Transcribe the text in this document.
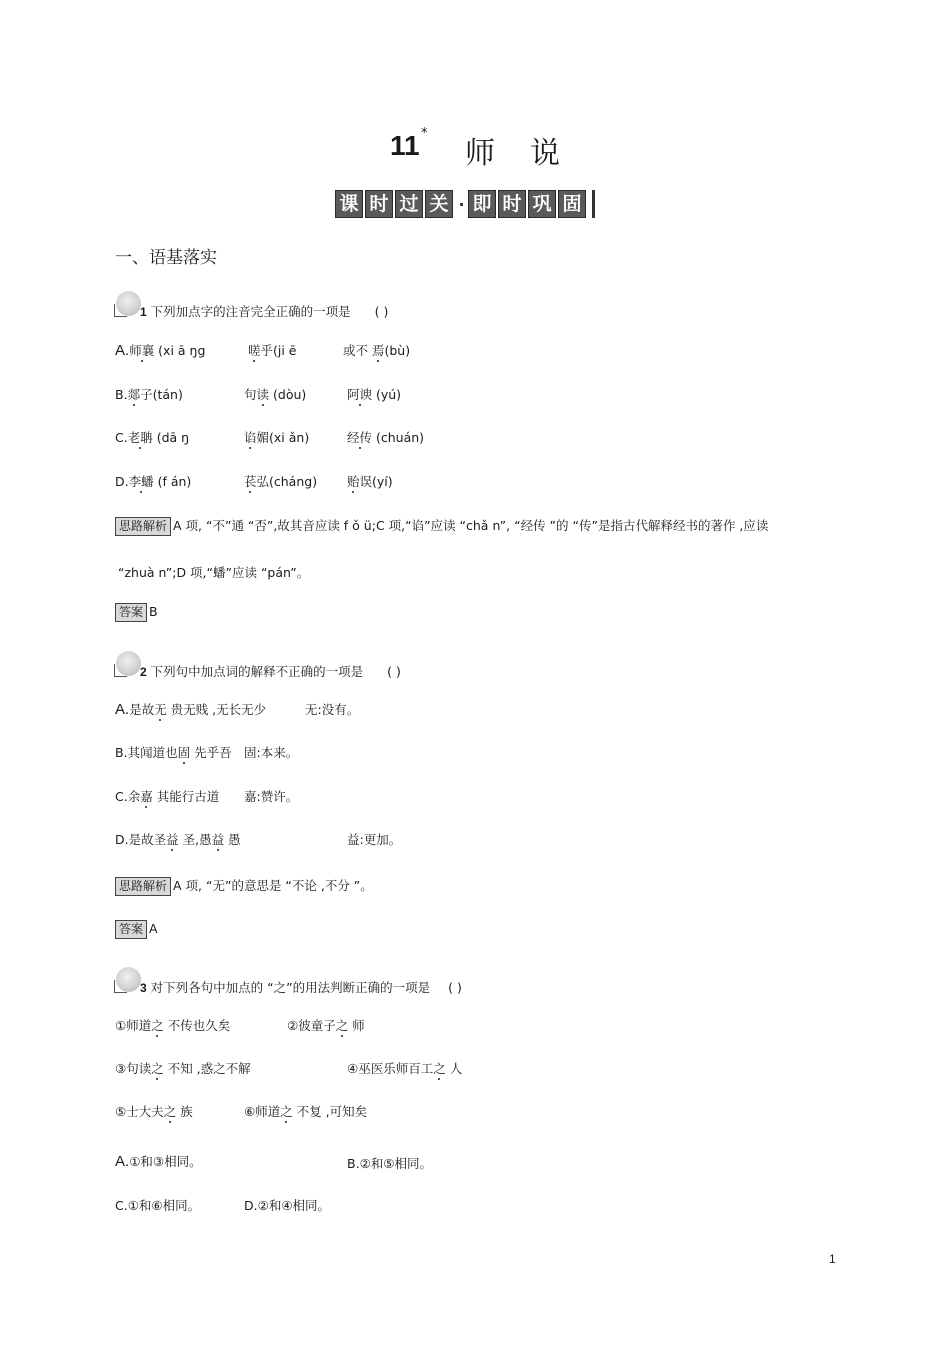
11 *
师 说
课 时 过 关 · 即 时 巩 固
一、语基落实
1 下列加点字的注音完全正确的一项是 ( )
A.师襄 (xi ā ŋg	嗟乎(ji ē	或不 焉(bù)
B.郯子(tán)	句读 (dòu)	阿谀 (yú)
C.老聃 (dā ŋ	谄媚(xi ǎn)	经传 (chuán)
D.李蟠 (f án)	苌弘(cháng) 贻误(yí)
思路解析 A 项, “不”通 “否”,故其音应读 f ǒ ü;C 项,“谄”应读 “chǎ n”, “经传 ”的 “传”是指古代解释经书的著作 ,应读
“zhuà n”;D 项,“蟠”应读 “pán”。
答案 B
2 下列句中加点词的解释不正确的一项是 ( )
A.是故无 贵无贱 ,无长无少	无:没有。
B.其闻道也固 先乎吾 固:本来。
C.余嘉 其能行古道 嘉:赞许。
D.是故圣益 圣,愚益 愚	益:更加。
思路解析 A 项, “无”的意思是 “不论 ,不分 ”。
答案 A
3 对下列各句中加点的 “之”的用法判断正确的一项是 ( )
①师道之 不传也久矣	②彼童子之 师
③句读之 不知 ,惑之不解	④巫医乐师百工之 人
⑤士大夫之 族	⑥师道之 不复 ,可知矣
A.①和③相同。	B.②和⑤相同。
C.①和⑥相同。	D.②和④相同。
1
